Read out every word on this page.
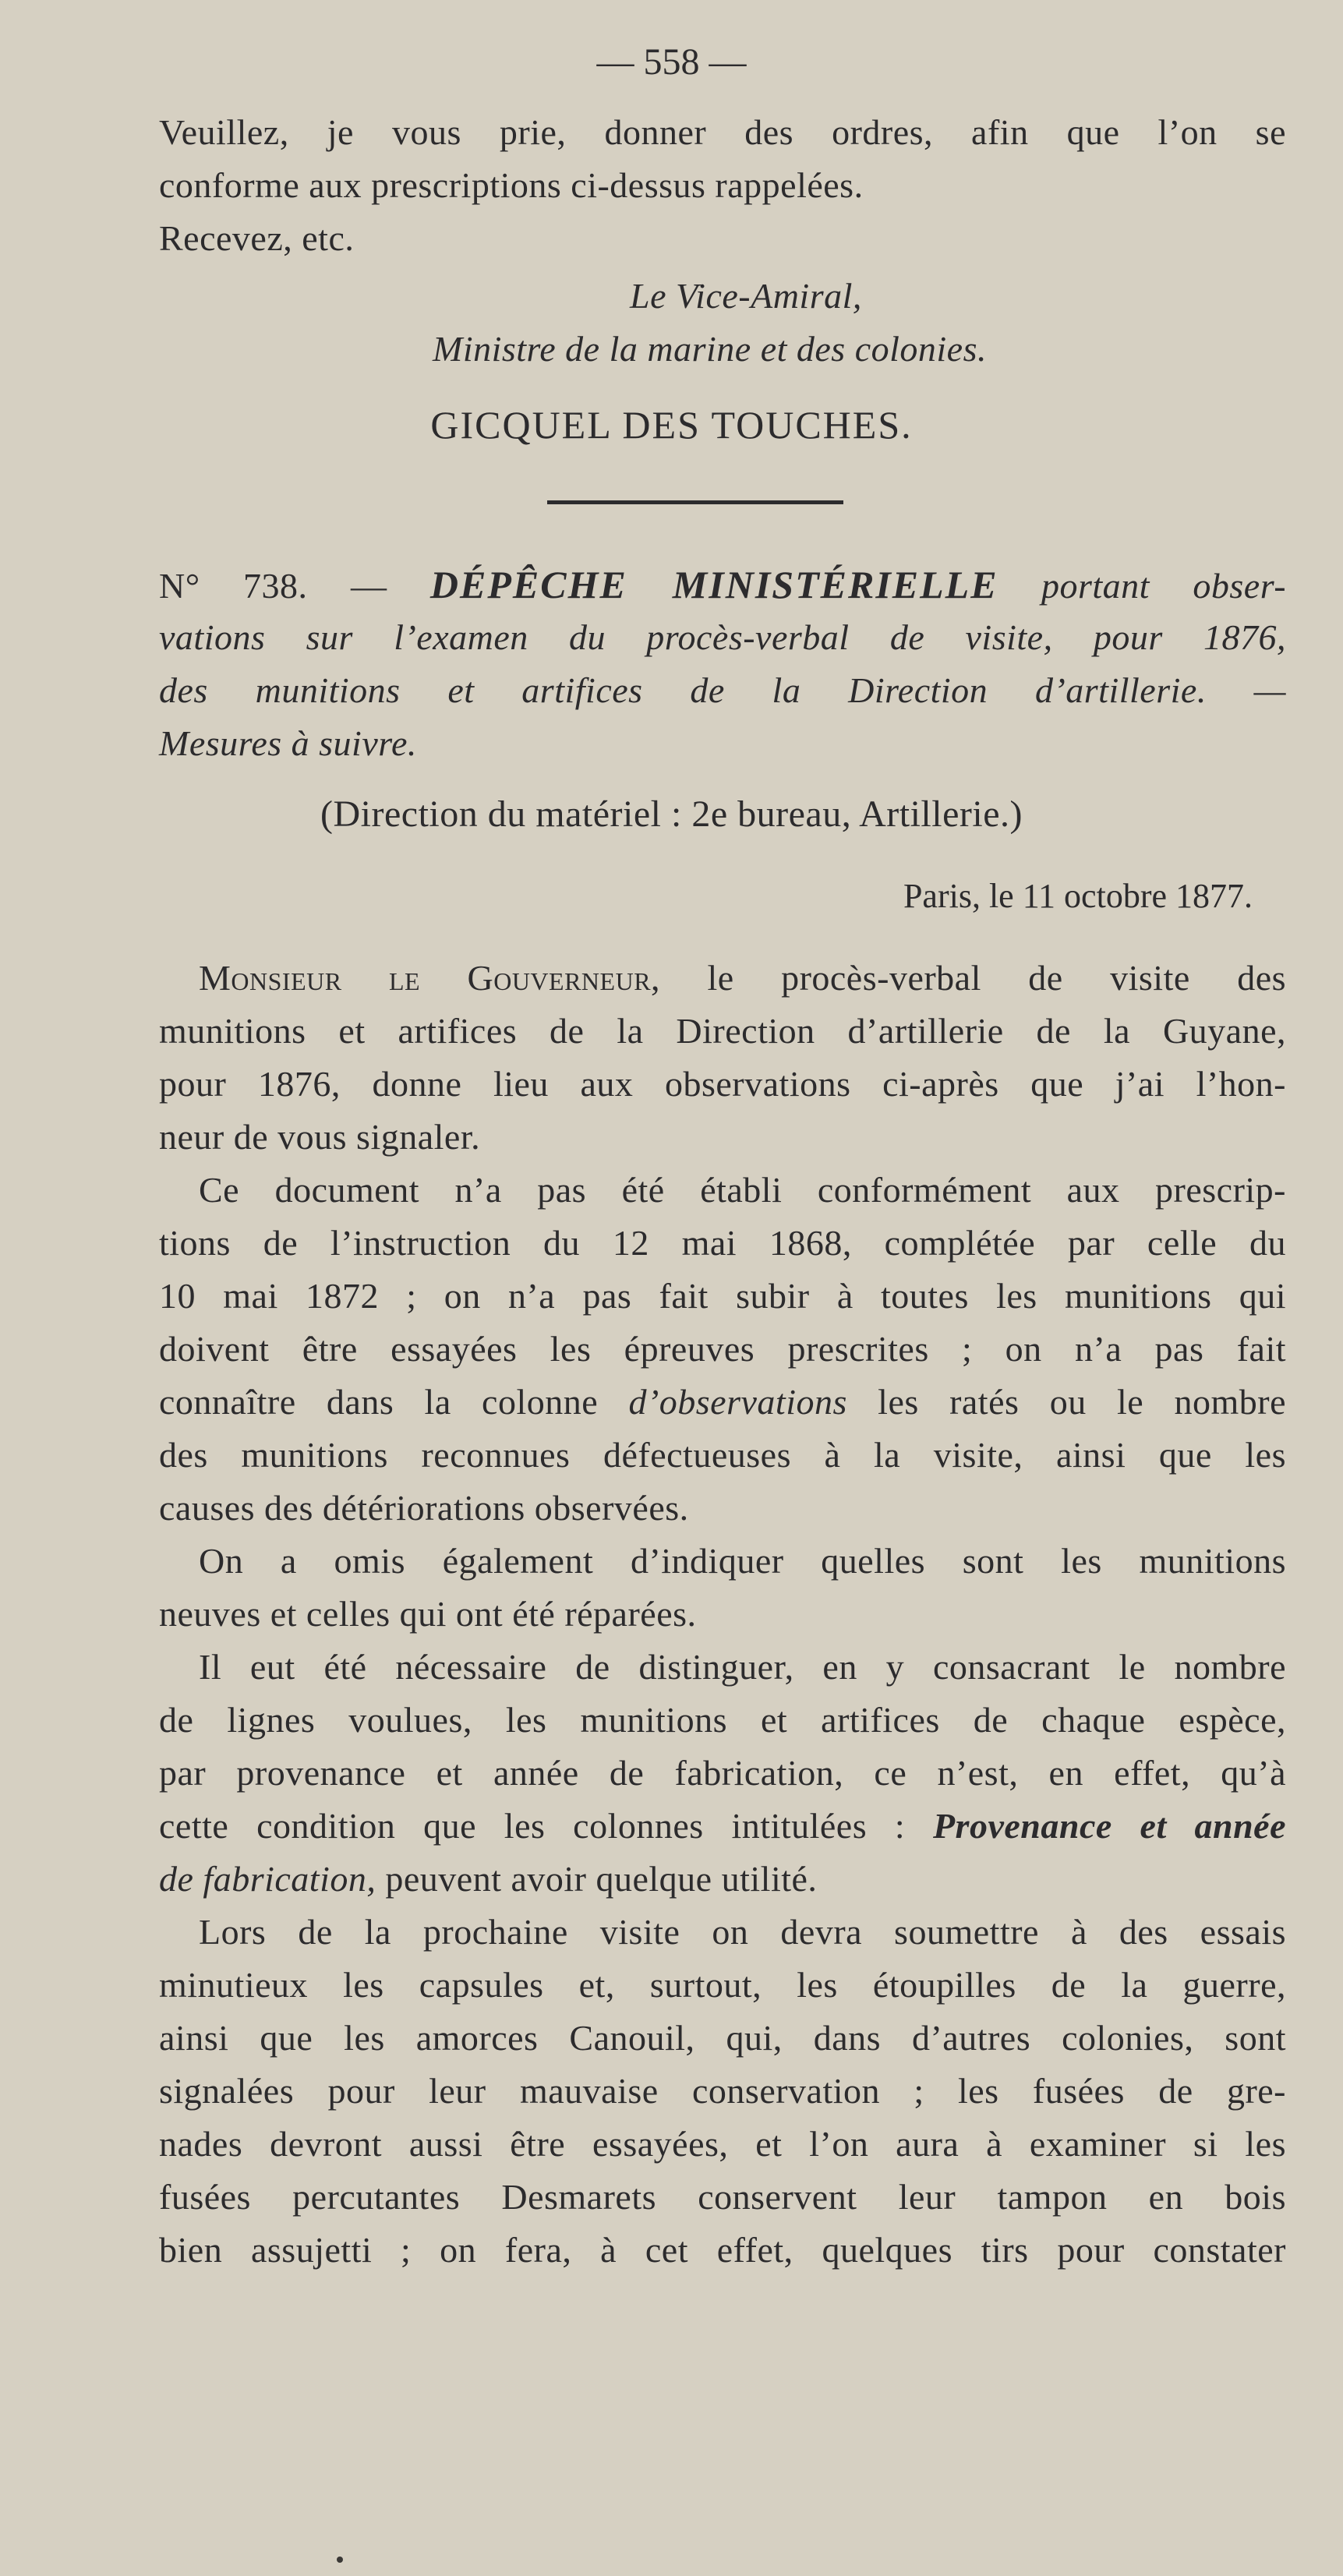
— 558 —
Veuillez, je vous prie, donner des ordres, afin que l’on se
conforme aux prescriptions ci-dessus rappelées.
Recevez, etc.
Le Vice-Amiral,
Ministre de la marine et des colonies.
GICQUEL DES TOUCHES.
N° 738. — DÉPÊCHE MINISTÉRIELLE portant obser-
vations sur l’examen du procès-verbal de visite, pour 1876,
des munitions et artifices de la Direction d’artillerie. —
Mesures à suivre.
(Direction du matériel : 2e bureau, Artillerie.)
Paris, le 11 octobre 1877.
Monsieur le Gouverneur, le procès-verbal de visite des
munitions et artifices de la Direction d’artillerie de la Guyane,
pour 1876, donne lieu aux observations ci-après que j’ai l’hon-
neur de vous signaler.
Ce document n’a pas été établi conformément aux prescrip-
tions de l’instruction du 12 mai 1868, complétée par celle du
10 mai 1872 ; on n’a pas fait subir à toutes les munitions qui
doivent être essayées les épreuves prescrites ; on n’a pas fait
connaître dans la colonne d’observations les ratés ou le nombre
des munitions reconnues défectueuses à la visite, ainsi que les
causes des détériorations observées.
On a omis également d’indiquer quelles sont les munitions
neuves et celles qui ont été réparées.
Il eut été nécessaire de distinguer, en y consacrant le nombre
de lignes voulues, les munitions et artifices de chaque espèce,
par provenance et année de fabrication, ce n’est, en effet, qu’à
cette condition que les colonnes intitulées : Provenance et année
de fabrication, peuvent avoir quelque utilité.
Lors de la prochaine visite on devra soumettre à des essais
minutieux les capsules et, surtout, les étoupilles de la guerre,
ainsi que les amorces Canouil, qui, dans d’autres colonies, sont
signalées pour leur mauvaise conservation ; les fusées de gre-
nades devront aussi être essayées, et l’on aura à examiner si les
fusées percutantes Desmarets conservent leur tampon en bois
bien assujetti ; on fera, à cet effet, quelques tirs pour constater
